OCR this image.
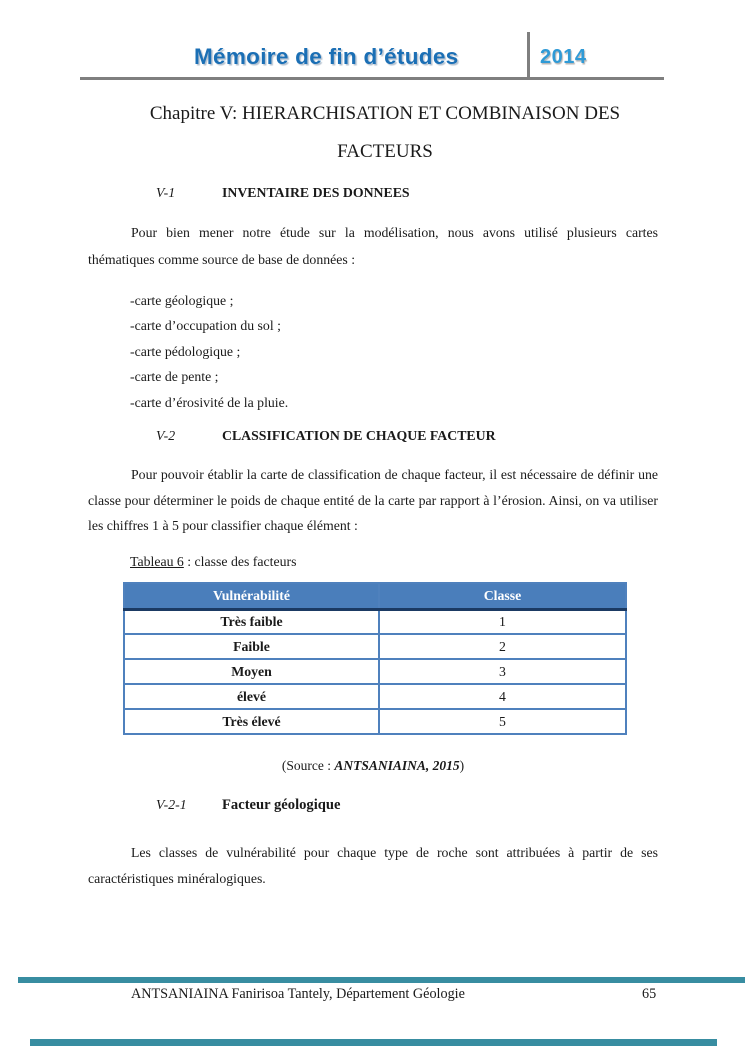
Mémoire de fin d’études	2014
Chapitre V: HIERARCHISATION ET COMBINAISON DES
FACTEURS
V-1	INVENTAIRE DES DONNEES

Pour bien mener notre étude sur la modélisation, nous avons utilisé plusieurs cartes thématiques comme source de base de données :

-carte géologique ;
-carte d’occupation du sol ;
-carte pédologique ;
-carte de pente ;
-carte d’érosivité de la pluie.
V-2	CLASSIFICATION DE CHAQUE FACTEUR

Pour pouvoir établir la carte de classification de chaque facteur, il est nécessaire de définir une classe pour déterminer le poids de chaque entité de la carte par rapport à l’érosion. Ainsi, on va utiliser les chiffres 1 à 5 pour classifier chaque élément :

Tableau 6 : classe des facteurs
Vulnérabilité	Classe
Très faible	1
Faible	2
Moyen	3
élevé	4
Très élevé	5
(Source : ANTSANIAINA, 2015)
V-2-1 Facteur géologique

Les classes de vulnérabilité pour chaque type de roche sont attribuées à partir de ses caractéristiques minéralogiques.

ANTSANIAINA Fanirisoa Tantely, Département Géologie	65
